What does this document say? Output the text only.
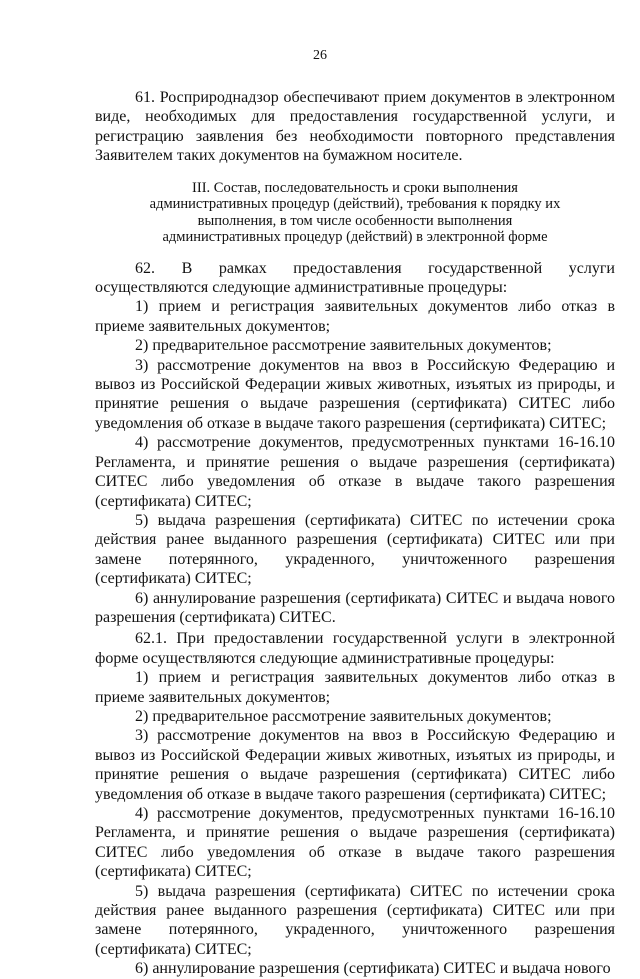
26

61. Росприроднадзор обеспечивают прием документов в электронном виде, необходимых для предоставления государственной услуги, и регистрацию заявления без необходимости повторного представления Заявителем таких документов на бумажном носителе.

III. Состав, последовательность и сроки выполнения административных процедур (действий), требования к порядку их выполнения, в том числе особенности выполнения административных процедур (действий) в электронной форме

62. В рамках предоставления государственной услуги осуществляются следующие административные процедуры:

1) прием и регистрация заявительных документов либо отказ в приеме заявительных документов;

2) предварительное рассмотрение заявительных документов;

3) рассмотрение документов на ввоз в Российскую Федерацию и вывоз из Российской Федерации живых животных, изъятых из природы, и принятие решения о выдаче разрешения (сертификата) СИТЕС либо уведомления об отказе в выдаче такого разрешения (сертификата) СИТЕС;

4) рассмотрение документов, предусмотренных пунктами 16-16.10 Регламента, и принятие решения о выдаче разрешения (сертификата) СИТЕС либо уведомления об отказе в выдаче такого разрешения (сертификата) СИТЕС;

5) выдача разрешения (сертификата) СИТЕС по истечении срока действия ранее выданного разрешения (сертификата) СИТЕС или при замене потерянного, украденного, уничтоженного разрешения (сертификата) СИТЕС;

6) аннулирование разрешения (сертификата) СИТЕС и выдача нового разрешения (сертификата) СИТЕС.

62.1. При предоставлении государственной услуги в электронной форме осуществляются следующие административные процедуры:

1) прием и регистрация заявительных документов либо отказ в приеме заявительных документов;

2) предварительное рассмотрение заявительных документов;

3) рассмотрение документов на ввоз в Российскую Федерацию и вывоз из Российской Федерации живых животных, изъятых из природы, и принятие решения о выдаче разрешения (сертификата) СИТЕС либо уведомления об отказе в выдаче такого разрешения (сертификата) СИТЕС;

4) рассмотрение документов, предусмотренных пунктами 16-16.10 Регламента, и принятие решения о выдаче разрешения (сертификата) СИТЕС либо уведомления об отказе в выдаче такого разрешения (сертификата) СИТЕС;

5) выдача разрешения (сертификата) СИТЕС по истечении срока действия ранее выданного разрешения (сертификата) СИТЕС или при замене потерянного, украденного, уничтоженного разрешения (сертификата) СИТЕС;

6) аннулирование разрешения (сертификата) СИТЕС и выдача нового
